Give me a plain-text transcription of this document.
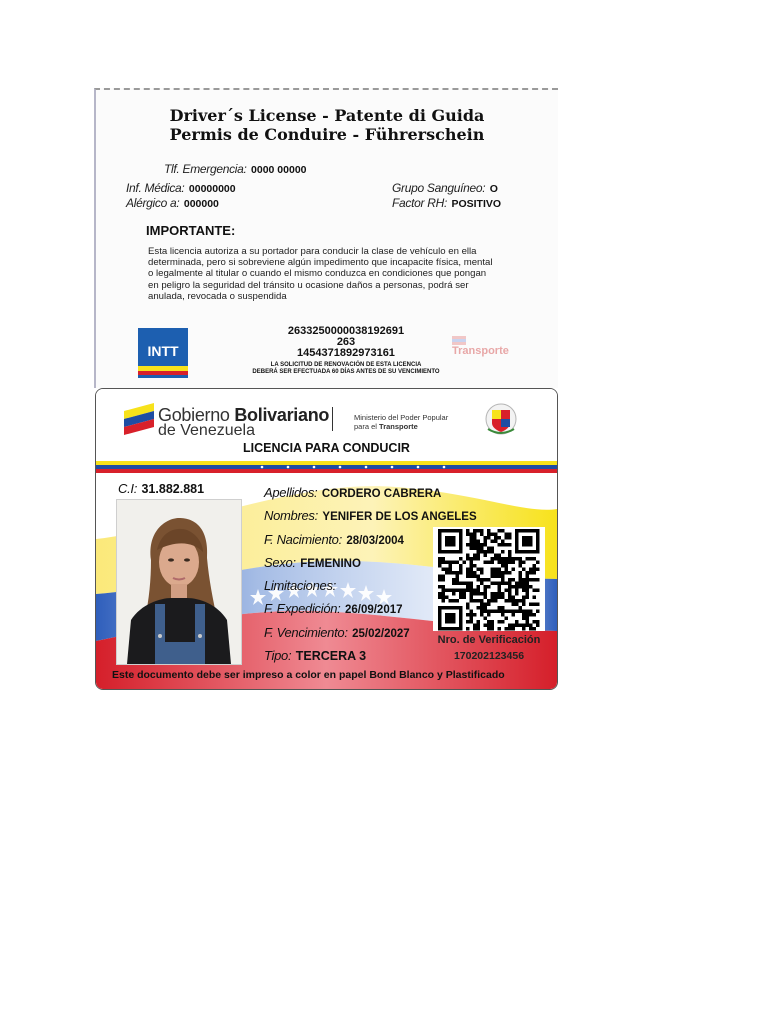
Driver´s License - Patente di Guida
Permis de Conduire - Führerschein
Tlf. Emergencia: 0000 00000
Inf. Médica: 00000000
Alérgico a: 000000
Grupo Sanguíneo: O
Factor RH: POSITIVO
IMPORTANTE:
Esta licencia autoriza a su portador para conducir la clase de vehículo en ella determinada, pero si sobreviene algún impedimento que incapacite física, mental o legalmente al titular o cuando el mismo conduzca en condiciones que pongan en peligro la seguridad del tránsito u ocasione daños a personas, podrá ser anulada, revocada o suspendida
INTT
2633250000038192691
263
1454371892973161
LA SOLICITUD DE RENOVACIÓN DE ESTA LICENCIA
DEBERÁ SER EFECTUADA 60 DÍAS ANTES DE SU VENCIMIENTO
Transporte
Gobierno Bolivariano
de Venezuela
Ministerio del Poder Popular
para el Transporte
LICENCIA PARA CONDUCIR
C.I: 31.882.881	Apellidos: CORDERO CABRERA
Nombres: YENIFER DE LOS ANGELES
F. Nacimiento: 28/03/2004
Sexo: FEMENINO
Limitaciones:
F. Expedición: 26/09/2017
F. Vencimiento: 25/02/2027
Tipo: TERCERA 3
Nro. de Verificación
170202123456
Este documento debe ser impreso a color en papel Bond Blanco y Plastificado
